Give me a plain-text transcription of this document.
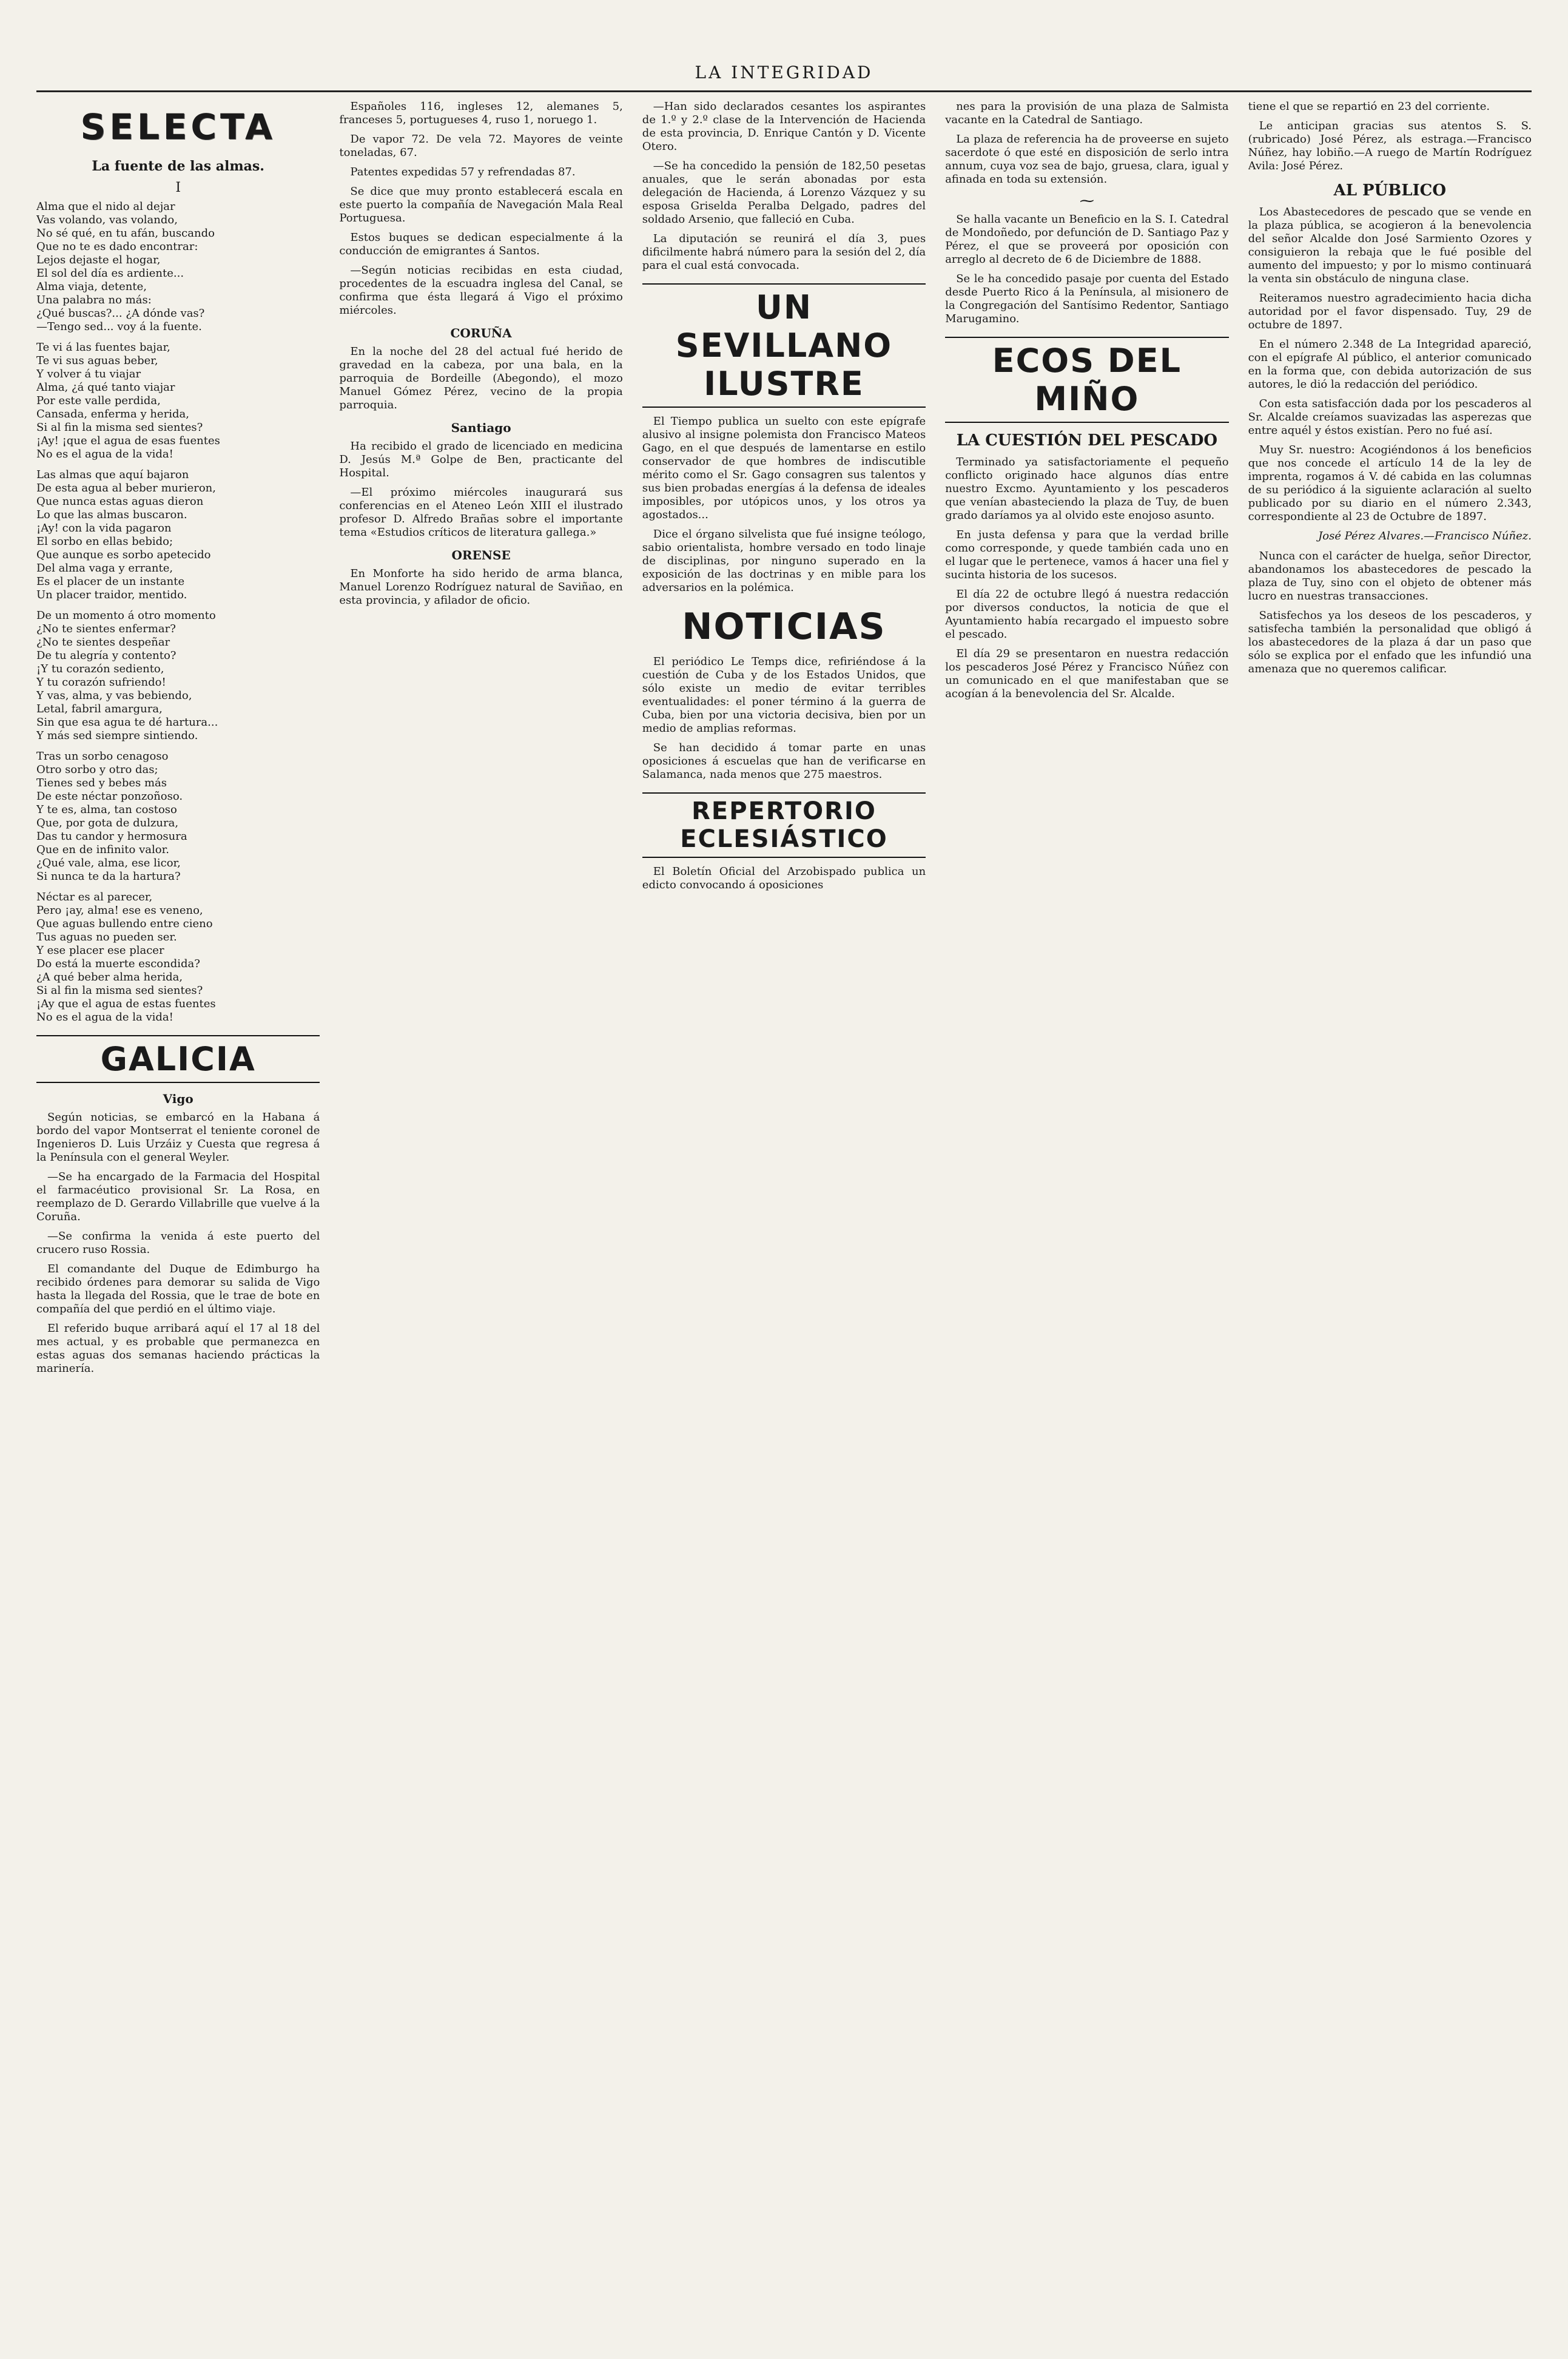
LA INTEGRIDAD
SELECTA
La fuente de las almas.
I
Alma que el nido al dejar
Vas volando, vas volando,
No sé qué, en tu afán, buscando
Que no te es dado encontrar:
Lejos dejaste el hogar,
El sol del día es ardiente...
Alma viaja, detente,
Una palabra no más:
¿Qué buscas?... ¿A dónde vas?
—Tengo sed... voy á la fuente.
Te vi á las fuentes bajar,
Te vi sus aguas beber,
Y volver á tu viajar
Alma, ¿á qué tanto viajar
Por este valle perdida,
Cansada, enferma y herida,
Si al fin la misma sed sientes?
¡Ay! ¡que el agua de esas fuentes
No es el agua de la vida!
Las almas que aquí bajaron
De esta agua al beber murieron,
Que nunca estas aguas dieron
Lo que las almas buscaron.
¡Ay! con la vida pagaron
El sorbo en ellas bebido;
Que aunque es sorbo apetecido
Del alma vaga y errante,
Es el placer de un instante
Un placer traidor, mentido.
De un momento á otro momento
¿No te sientes enfermar?
¿No te sientes despeñar
De tu alegría y contento?
¡Y tu corazón sediento,
Y tu corazón sufriendo!
Y vas, alma, y vas bebiendo,
Letal, fabril amargura,
Sin que esa agua te dé hartura...
Y más sed siempre sintiendo.
Tras un sorbo cenagoso
Otro sorbo y otro das;
Tienes sed y bebes más
De este néctar ponzoñoso.
Y te es, alma, tan costoso
Que, por gota de dulzura,
Das tu candor y hermosura
Que en de infinito valor.
¿Qué vale, alma, ese licor,
Si nunca te da la hartura?
Néctar es al parecer,
Pero ¡ay, alma! ese es veneno,
Que aguas bullendo entre cieno
Tus aguas no pueden ser.
Y ese placer ese placer
Do está la muerte escondida?
¿A qué beber alma herida,
Si al fin la misma sed sientes?
¡Ay que el agua de estas fuentes
No es el agua de la vida!
GALICIA
Vigo

Según noticias, se embarcó en la Habana á bordo del vapor Montserrat el teniente coronel de Ingenieros D. Luis Urzáiz y Cuesta que regresa á la Península con el general Weyler.

—Se ha encargado de la Farmacia del Hospital el farmacéutico provisional Sr. La Rosa, en reemplazo de D. Gerardo Villabrille que vuelve á la Coruña.

—Se confirma la venida á este puerto del crucero ruso Rossia.

El comandante del Duque de Edimburgo ha recibido órdenes para demorar su salida de Vigo hasta la llegada del Rossia, que le trae de bote en compañía del que perdió en el último viaje.

El referido buque arribará aquí el 17 al 18 del mes actual, y es probable que permanezca en estas aguas dos semanas haciendo prácticas la marinería.

Españoles 116, ingleses 12, alemanes 5, franceses 5, portugueses 4, ruso 1, noruego 1.

De vapor 72. De vela 72. Mayores de veinte toneladas, 67.

Patentes expedidas 57 y refrendadas 87.

Se dice que muy pronto establecerá escala en este puerto la compañía de Navegación Mala Real Portuguesa.

Estos buques se dedican especialmente á la conducción de emigrantes á Santos.

—Según noticias recibidas en esta ciudad, procedentes de la escuadra inglesa del Canal, se confirma que ésta llegará á Vigo el próximo miércoles.

CORUÑA

En la noche del 28 del actual fué herido de gravedad en la cabeza, por una bala, en la parroquia de Bordeille (Abegondo), el mozo Manuel Gómez Pérez, vecino de la propia parroquia.

Santiago

Ha recibido el grado de licenciado en medicina D. Jesús M.ª Golpe de Ben, practicante del Hospital.

—El próximo miércoles inaugurará sus conferencias en el Ateneo León XIII el ilustrado profesor D. Alfredo Brañas sobre el importante tema «Estudios críticos de literatura gallega.»

ORENSE

En Monforte ha sido herido de arma blanca, Manuel Lorenzo Rodríguez natural de Saviñao, en esta provincia, y afilador de oficio.

—Han sido declarados cesantes los aspirantes de 1.º y 2.º clase de la Intervención de Hacienda de esta provincia, D. Enrique Cantón y D. Vicente Otero.

—Se ha concedido la pensión de 182,50 pesetas anuales, que le serán abonadas por esta delegación de Hacienda, á Lorenzo Vázquez y su esposa Griselda Peralba Delgado, padres del soldado Arsenio, que falleció en Cuba.

La diputación se reunirá el día 3, pues dificilmente habrá número para la sesión del 2, día para el cual está convocada.

UN SEVILLANO ILUSTRE

El Tiempo publica un suelto con este epígrafe alusivo al insigne polemista don Francisco Mateos Gago, en el que después de lamentarse en estilo conservador de que hombres de indiscutible mérito como el Sr. Gago consagren sus talentos y sus bien probadas energías á la defensa de ideales imposibles, por utópicos unos, y los otros ya agostados...

Dice el órgano silvelista que fué insigne teólogo, sabio orientalista, hombre versado en todo linaje de disciplinas, por ninguno superado en la exposición de las doctrinas y en mible para los adversarios en la polémica.

NOTICIAS

El periódico Le Temps dice, refiriéndose á la cuestión de Cuba y de los Estados Unidos, que sólo existe un medio de evitar terribles eventualidades: el poner término á la guerra de Cuba, bien por una victoria decisiva, bien por un medio de amplias reformas.

Se han decidido á tomar parte en unas oposiciones á escuelas que han de verificarse en Salamanca, nada menos que 275 maestros.

REPERTORIO ECLESIÁSTICO

El Boletín Oficial del Arzobispado publica un edicto convocando á oposiciones

nes para la provisión de una plaza de Salmista vacante en la Catedral de Santiago.

La plaza de referencia ha de proveerse en sujeto sacerdote ó que esté en disposición de serlo intra annum, cuya voz sea de bajo, gruesa, clara, igual y afinada en toda su extensión.

⁓

Se halla vacante un Beneficio en la S. I. Catedral de Mondoñedo, por defunción de D. Santiago Paz y Pérez, el que se proveerá por oposición con arreglo al decreto de 6 de Diciembre de 1888.

Se le ha concedido pasaje por cuenta del Estado desde Puerto Rico á la Península, al misionero de la Congregación del Santísimo Redentor, Santiago Marugamino.

ECOS DEL MIÑO
LA CUESTIÓN DEL PESCADO

Terminado ya satisfactoriamente el pequeño conflicto originado hace algunos días entre nuestro Excmo. Ayuntamiento y los pescaderos que venían abasteciendo la plaza de Tuy, de buen grado daríamos ya al olvido este enojoso asunto.

En justa defensa y para que la verdad brille como corresponde, y quede también cada uno en el lugar que le pertenece, vamos á hacer una fiel y sucinta historia de los sucesos.

El día 22 de octubre llegó á nuestra redacción por diversos conductos, la noticia de que el Ayuntamiento había recargado el impuesto sobre el pescado.

El día 29 se presentaron en nuestra redacción los pescaderos José Pérez y Francisco Núñez con un comunicado en el que manifestaban que se acogían á la benevolencia del Sr. Alcalde.

tiene el que se repartió en 23 del corriente.

Le anticipan gracias sus atentos S. S. (rubricado) José Pérez, als estraga.—Francisco Núñez, hay lobiño.—A ruego de Martín Rodríguez Avila: José Pérez.

AL PÚBLICO

Los Abastecedores de pescado que se vende en la plaza pública, se acogieron á la benevolencia del señor Alcalde don José Sarmiento Ozores y consiguieron la rebaja que le fué posible del aumento del impuesto; y por lo mismo continuará la venta sin obstáculo de ninguna clase.

Reiteramos nuestro agradecimiento hacia dicha autoridad por el favor dispensado. Tuy, 29 de octubre de 1897.

En el número 2.348 de La Integridad apareció, con el epígrafe Al público, el anterior comunicado en la forma que, con debida autorización de sus autores, le dió la redacción del periódico.

Con esta satisfacción dada por los pescaderos al Sr. Alcalde creíamos suavizadas las asperezas que entre aquél y éstos existían. Pero no fué así.

Muy Sr. nuestro: Acogiéndonos á los beneficios que nos concede el artículo 14 de la ley de imprenta, rogamos á V. dé cabida en las columnas de su periódico á la siguiente aclaración al suelto publicado por su diario en el número 2.343, correspondiente al 23 de Octubre de 1897.

José Pérez Alvares.—Francisco Núñez.

Nunca con el carácter de huelga, señor Director, abandonamos los abastecedores de pescado la plaza de Tuy, sino con el objeto de obtener más lucro en nuestras transacciones.

Satisfechos ya los deseos de los pescaderos, y satisfecha también la personalidad que obligó á los abastecedores de la plaza á dar un paso que sólo se explica por el enfado que les infundió una amenaza que no queremos calificar.
